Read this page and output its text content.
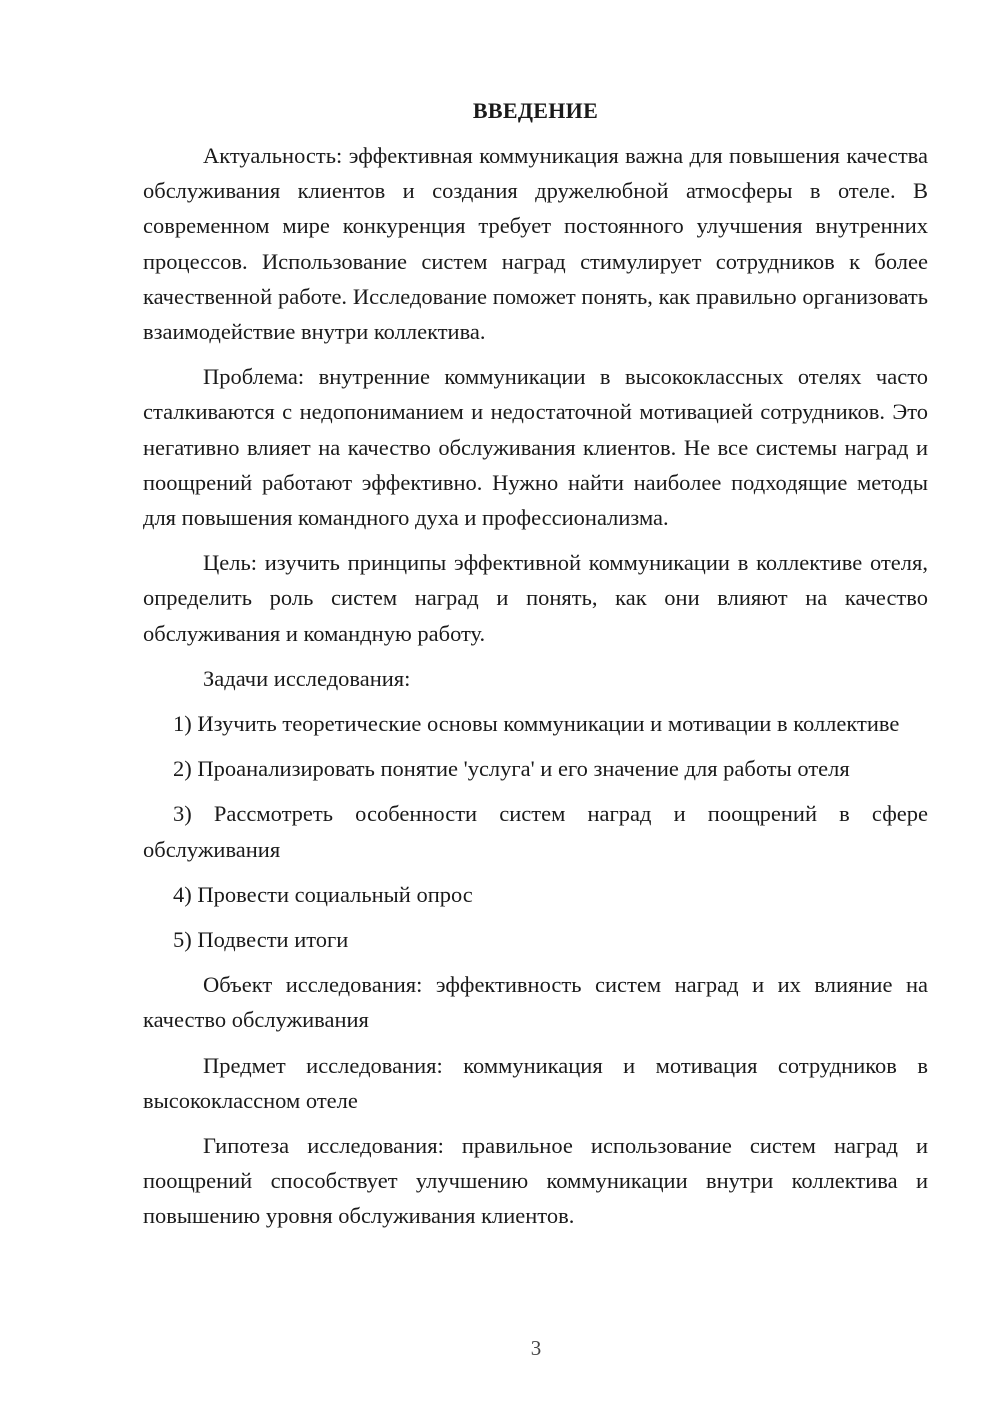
ВВЕДЕНИЕ

Актуальность: эффективная коммуникация важна для повышения качества обслуживания клиентов и создания дружелюбной атмосферы в отеле. В современном мире конкуренция требует постоянного улучшения внутренних процессов. Использование систем наград стимулирует сотрудников к более качественной работе. Исследование поможет понять, как правильно организовать взаимодействие внутри коллектива.

Проблема: внутренние коммуникации в высококлассных отелях часто сталкиваются с недопониманием и недостаточной мотивацией сотрудников. Это негативно влияет на качество обслуживания клиентов. Не все системы наград и поощрений работают эффективно. Нужно найти наиболее подходящие методы для повышения командного духа и профессионализма.

Цель: изучить принципы эффективной коммуникации в коллективе отеля, определить роль систем наград и понять, как они влияют на качество обслуживания и командную работу.

Задачи исследования:

1) Изучить теоретические основы коммуникации и мотивации в коллективе

2) Проанализировать понятие 'услуга' и его значение для работы отеля

3) Рассмотреть особенности систем наград и поощрений в сфере обслуживания

4) Провести социальный опрос

5) Подвести итоги

Объект исследования: эффективность систем наград и их влияние на качество обслуживания

Предмет исследования: коммуникация и мотивация сотрудников в высококлассном отеле

Гипотеза исследования: правильное использование систем наград и поощрений способствует улучшению коммуникации внутри коллектива и повышению уровня обслуживания клиентов.

3
